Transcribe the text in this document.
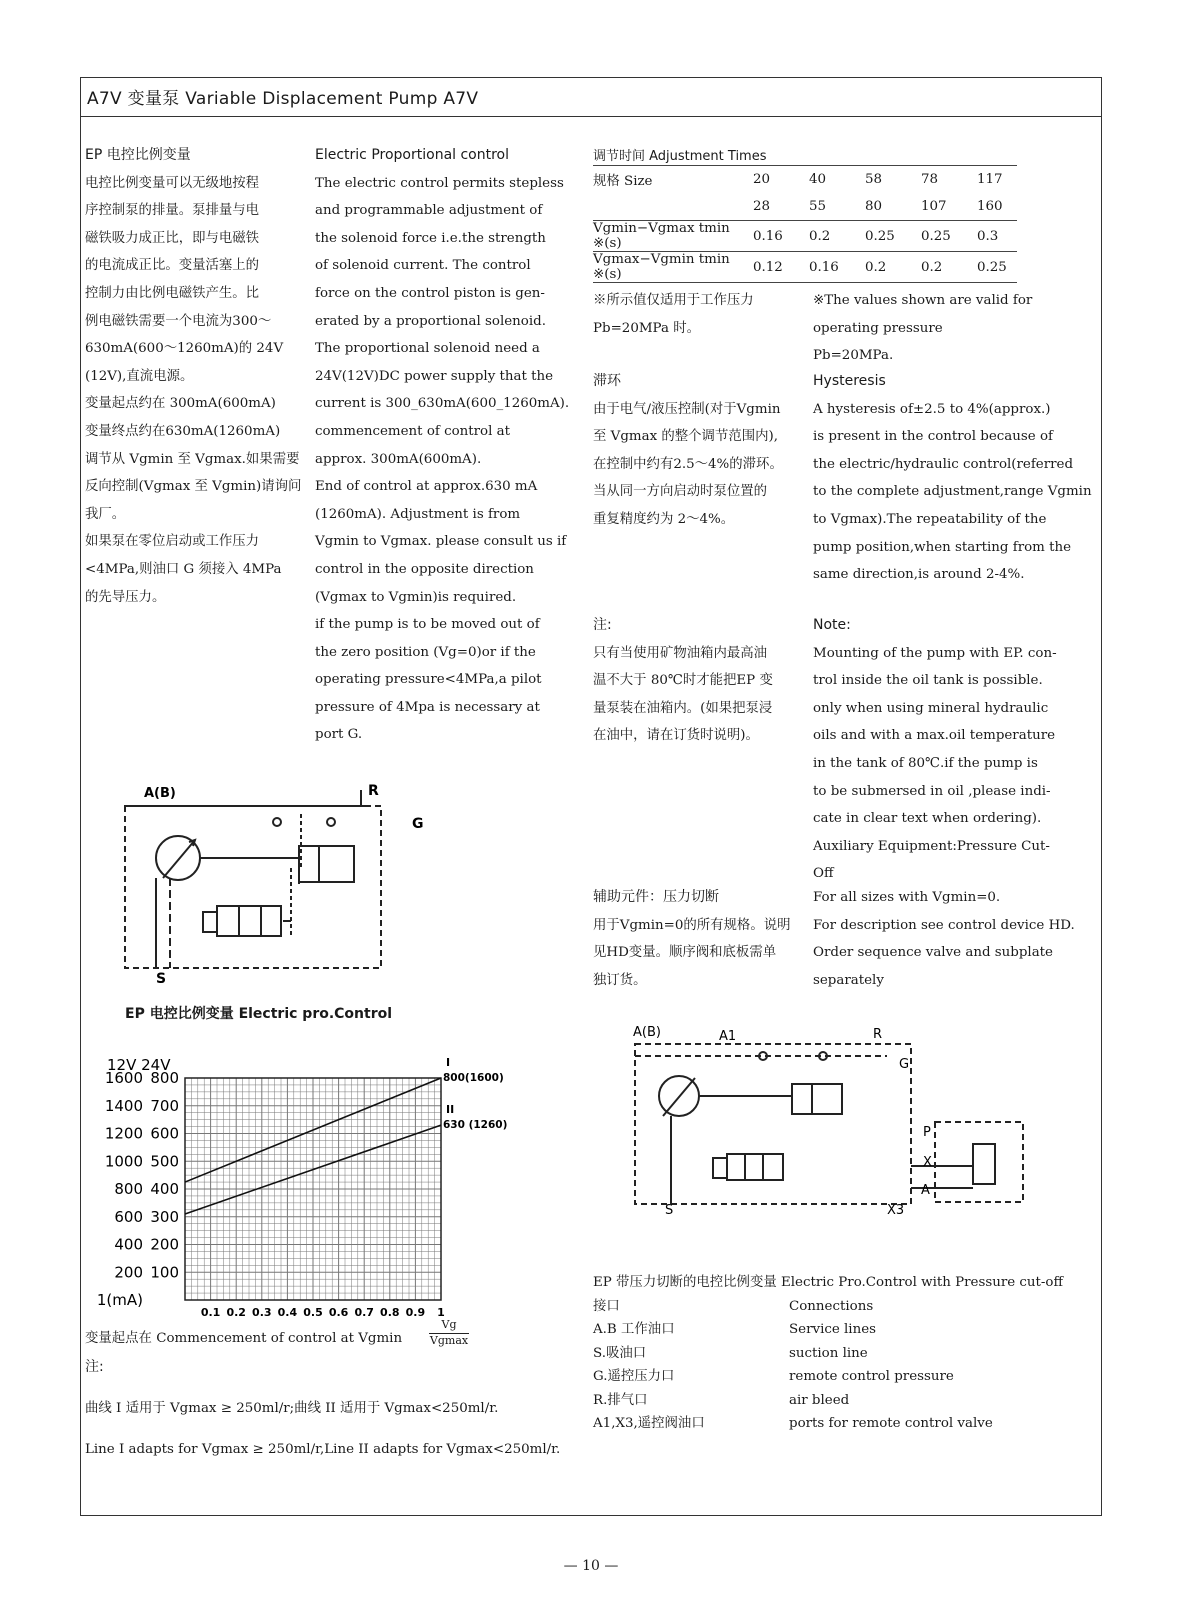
A7V 变量泵 Variable Displacement Pump A7V

EP 电控比例变量

电控比例变量可以无级地按程

序控制泵的排量。泵排量与电

磁铁吸力成正比，即与电磁铁

的电流成正比。变量活塞上的

控制力由比例电磁铁产生。比

例电磁铁需要一个电流为300～

630mA(600～1260mA)的 24V

(12V),直流电源。

变量起点约在 300mA(600mA)

变量终点约在630mA(1260mA)

调节从 Vgmin 至 Vgmax.如果需要

反向控制(Vgmax 至 Vgmin)请询问

我厂。

如果泵在零位启动或工作压力

<4MPa,则油口 G 须接入 4MPa

的先导压力。

Electric Proportional control

The electric control permits stepless

and programmable adjustment of

the solenoid force i.e.the strength

of solenoid current. The control

force on the control piston is gen-

erated by a proportional solenoid.

The proportional solenoid need a

24V(12V)DC power supply that the

current is 300_630mA(600_1260mA).

commencement of control at

approx. 300mA(600mA).

End of control at approx.630 mA

(1260mA). Adjustment is from

Vgmin to Vgmax. please consult us if

control in the opposite direction

(Vgmax to Vgmin)is required.

if the pump is to be moved out of

the zero position (Vg=0)or if the

operating pressure<4MPa,a pilot

pressure of 4Mpa is necessary at

port G.

调节时间 Adjustment Times					
规格 Size	20	40	58	78	117
	28	55	80	107	160
Vgmin−Vgmax tmin ※(s)	0.16	0.2	0.25	0.25	0.3
Vgmax−Vgmin tmin ※(s)	0.12	0.16	0.2	0.2	0.25

※所示值仅适用于工作压力

Pb=20MPa 时。

※The values shown are valid for

operating pressure

Pb=20MPa.

滞环

由于电气/液压控制(对于Vgmin

至 Vgmax 的整个调节范围内),

在控制中约有2.5～4%的滞环。

当从同一方向启动时泵位置的

重复精度约为 2～4%。

Hysteresis

A hysteresis of±2.5 to 4%(approx.)

is present in the control because of

the electric/hydraulic control(referred

to the complete adjustment,range Vgmin

to Vgmax).The repeatability of the

pump position,when starting from the

same direction,is around 2-4%.

注:

只有当使用矿物油箱内最高油

温不大于 80℃时才能把EP 变

量泵装在油箱内。(如果把泵浸

在油中，请在订货时说明)。

Note:

Mounting of the pump with EP. con-

trol inside the oil tank is possible.

only when using mineral hydraulic

oils and with a max.oil temperature

in the tank of 80℃.if the pump is

to be submersed in oil ,please indi-

cate in clear text when ordering).

Auxiliary Equipment:Pressure Cut-

Off

辅助元件：压力切断

用于Vgmin=0的所有规格。说明

见HD变量。顺序阀和底板需单

独订货。

For all sizes with Vgmin=0.

For description see control device HD.

Order sequence valve and subplate

separately

A(B)	R
G
S
EP 电控比例变量 Electric pro.Control
12V 24V
1600 800
1400 700
1200 600
1000 500
800 400
600 300
400 200
200 100
1(mA)
0.1 0.2 0.3 0.4 0.5 0.6 0.7 0.8 0.9 1
I
800(1600)
II
630 (1260)
变量起点在 Commencement of control at Vgmin
Vg
Vgmax

注:

曲线 I 适用于 Vgmax ≥ 250ml/r;曲线 II 适用于 Vgmax<250ml/r.

Line I adapts for Vgmax ≥ 250ml/r,Line II adapts for Vgmax<250ml/r.

A(B)	A1	R
G
P
X
A
S	X3

EP 带压力切断的电控比例变量 Electric Pro.Control with Pressure cut-off

接口	Connections

A.B 工作油口	Service lines

S.吸油口	suction line

G.遥控压力口	remote control pressure

R.排气口	air bleed

A1,X3,遥控阀油口	ports for remote control valve

— 10 —
